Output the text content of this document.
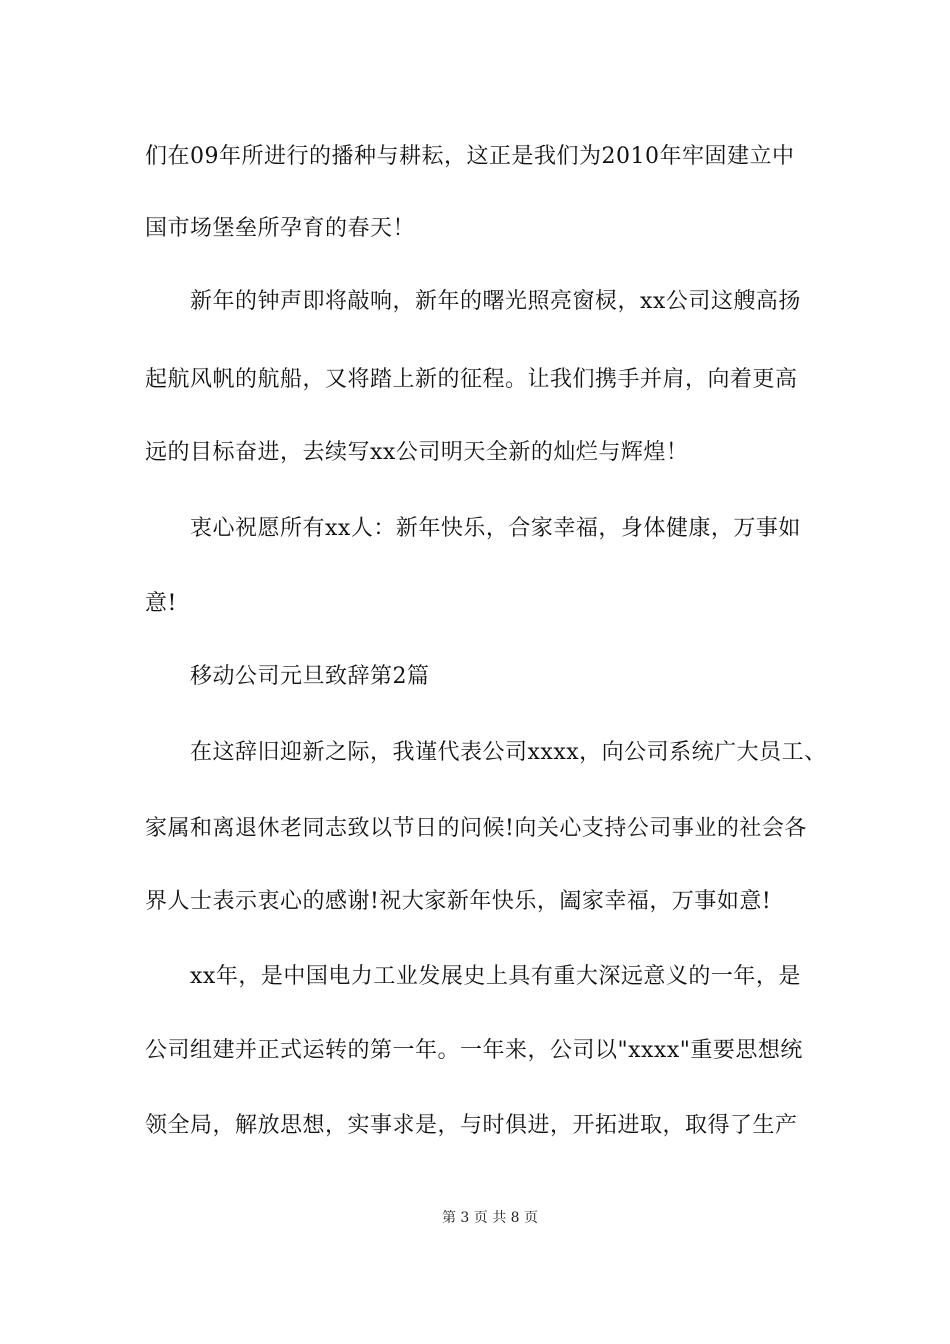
们在09年所进行的播种与耕耘，这正是我们为2010年牢固建立中
国市场堡垒所孕育的春天！
新年的钟声即将敲响，新年的曙光照亮窗棂，xx公司这艘高扬
起航风帆的航船，又将踏上新的征程。让我们携手并肩，向着更高
远的目标奋进，去续写xx公司明天全新的灿烂与辉煌！
衷心祝愿所有xx人：新年快乐，合家幸福，身体健康，万事如
意!
移动公司元旦致辞第2篇
在这辞旧迎新之际，我谨代表公司xxxx，向公司系统广大员工、
家属和离退休老同志致以节日的问候!向关心支持公司事业的社会各
界人士表示衷心的感谢!祝大家新年快乐，阖家幸福，万事如意!
xx年，是中国电力工业发展史上具有重大深远意义的一年，是
公司组建并正式运转的第一年。一年来，公司以"xxxx"重要思想统
领全局，解放思想，实事求是，与时俱进，开拓进取，取得了生产
第 3 页 共 8 页
